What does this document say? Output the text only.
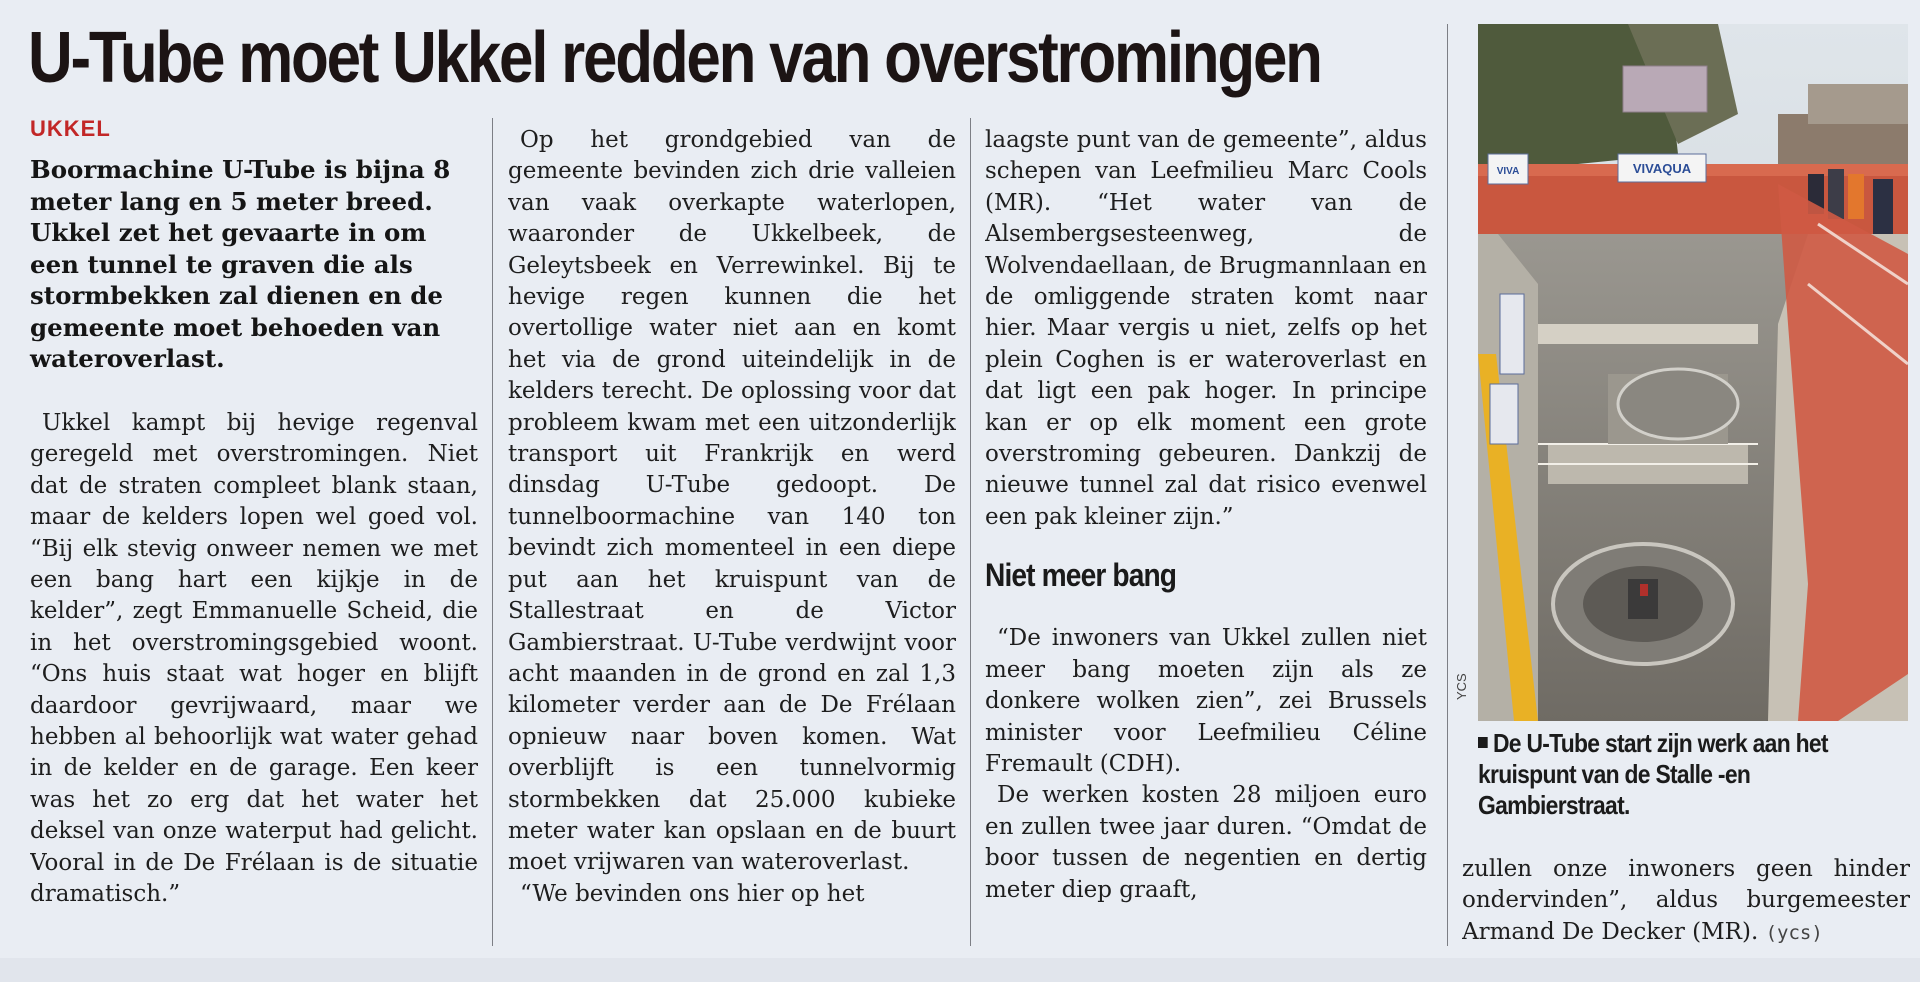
U-Tube moet Ukkel redden van overstromingen
UKKEL
Boormachine U-Tube is bijna 8 meter lang en 5 meter breed. Ukkel zet het gevaarte in om een tunnel te graven die als stormbekken zal dienen en de gemeente moet behoeden van wateroverlast.

Ukkel kampt bij hevige regenval geregeld met overstromingen. Niet dat de straten compleet blank staan, maar de kelders lopen wel goed vol. “Bij elk stevig onweer nemen we met een bang hart een kijkje in de kelder”, zegt Emmanuelle Scheid, die in het overstromingsgebied woont. “Ons huis staat wat hoger en blijft daardoor gevrijwaard, maar we hebben al behoorlijk wat water gehad in de kelder en de garage. Een keer was het zo erg dat het water het deksel van onze waterput had gelicht. Vooral in de De Frélaan is de situatie dramatisch.”

Op het grondgebied van de gemeente bevinden zich drie valleien van vaak overkapte waterlopen, waaronder de Ukkelbeek, de Geleytsbeek en Verrewinkel. Bij te hevige regen kunnen die het overtollige water niet aan en komt het via de grond uiteindelijk in de kelders terecht. De oplossing voor dat probleem kwam met een uitzonderlijk transport uit Frankrijk en werd dinsdag U-Tube gedoopt. De tunnelboormachine van 140 ton bevindt zich momenteel in een diepe put aan het kruispunt van de Stallestraat en de Victor Gambierstraat. U-Tube verdwijnt voor acht maanden in de grond en zal 1,3 kilometer verder aan de De Frélaan opnieuw naar boven komen. Wat overblijft is een tunnelvormig stormbekken dat 25.000 kubieke meter water kan opslaan en de buurt moet vrijwaren van wateroverlast.

“We bevinden ons hier op het

laagste punt van de gemeente”, aldus schepen van Leefmilieu Marc Cools (MR). “Het water van de Alsembergsesteenweg, de Wolvendaellaan, de Brugmannlaan en de omliggende straten komt naar hier. Maar vergis u niet, zelfs op het plein Coghen is er wateroverlast en dat ligt een pak hoger. In principe kan er op elk moment een grote overstroming gebeuren. Dankzij de nieuwe tunnel zal dat risico evenwel een pak kleiner zijn.”

Niet meer bang

“De inwoners van Ukkel zullen niet meer bang moeten zijn als ze donkere wolken zien”, zei Brussels minister voor Leefmilieu Céline Fremault (CDH).

De werken kosten 28 miljoen euro en zullen twee jaar duren. “Omdat de boor tussen de negentien en dertig meter diep graaft,

VIVAQUA
VIVA
YCS
De U-Tube start zijn werk aan het kruispunt van de Stalle -en Gambierstraat.

zullen onze inwoners geen hinder ondervinden”, aldus burgemeester Armand De Decker (MR). (ycs)
